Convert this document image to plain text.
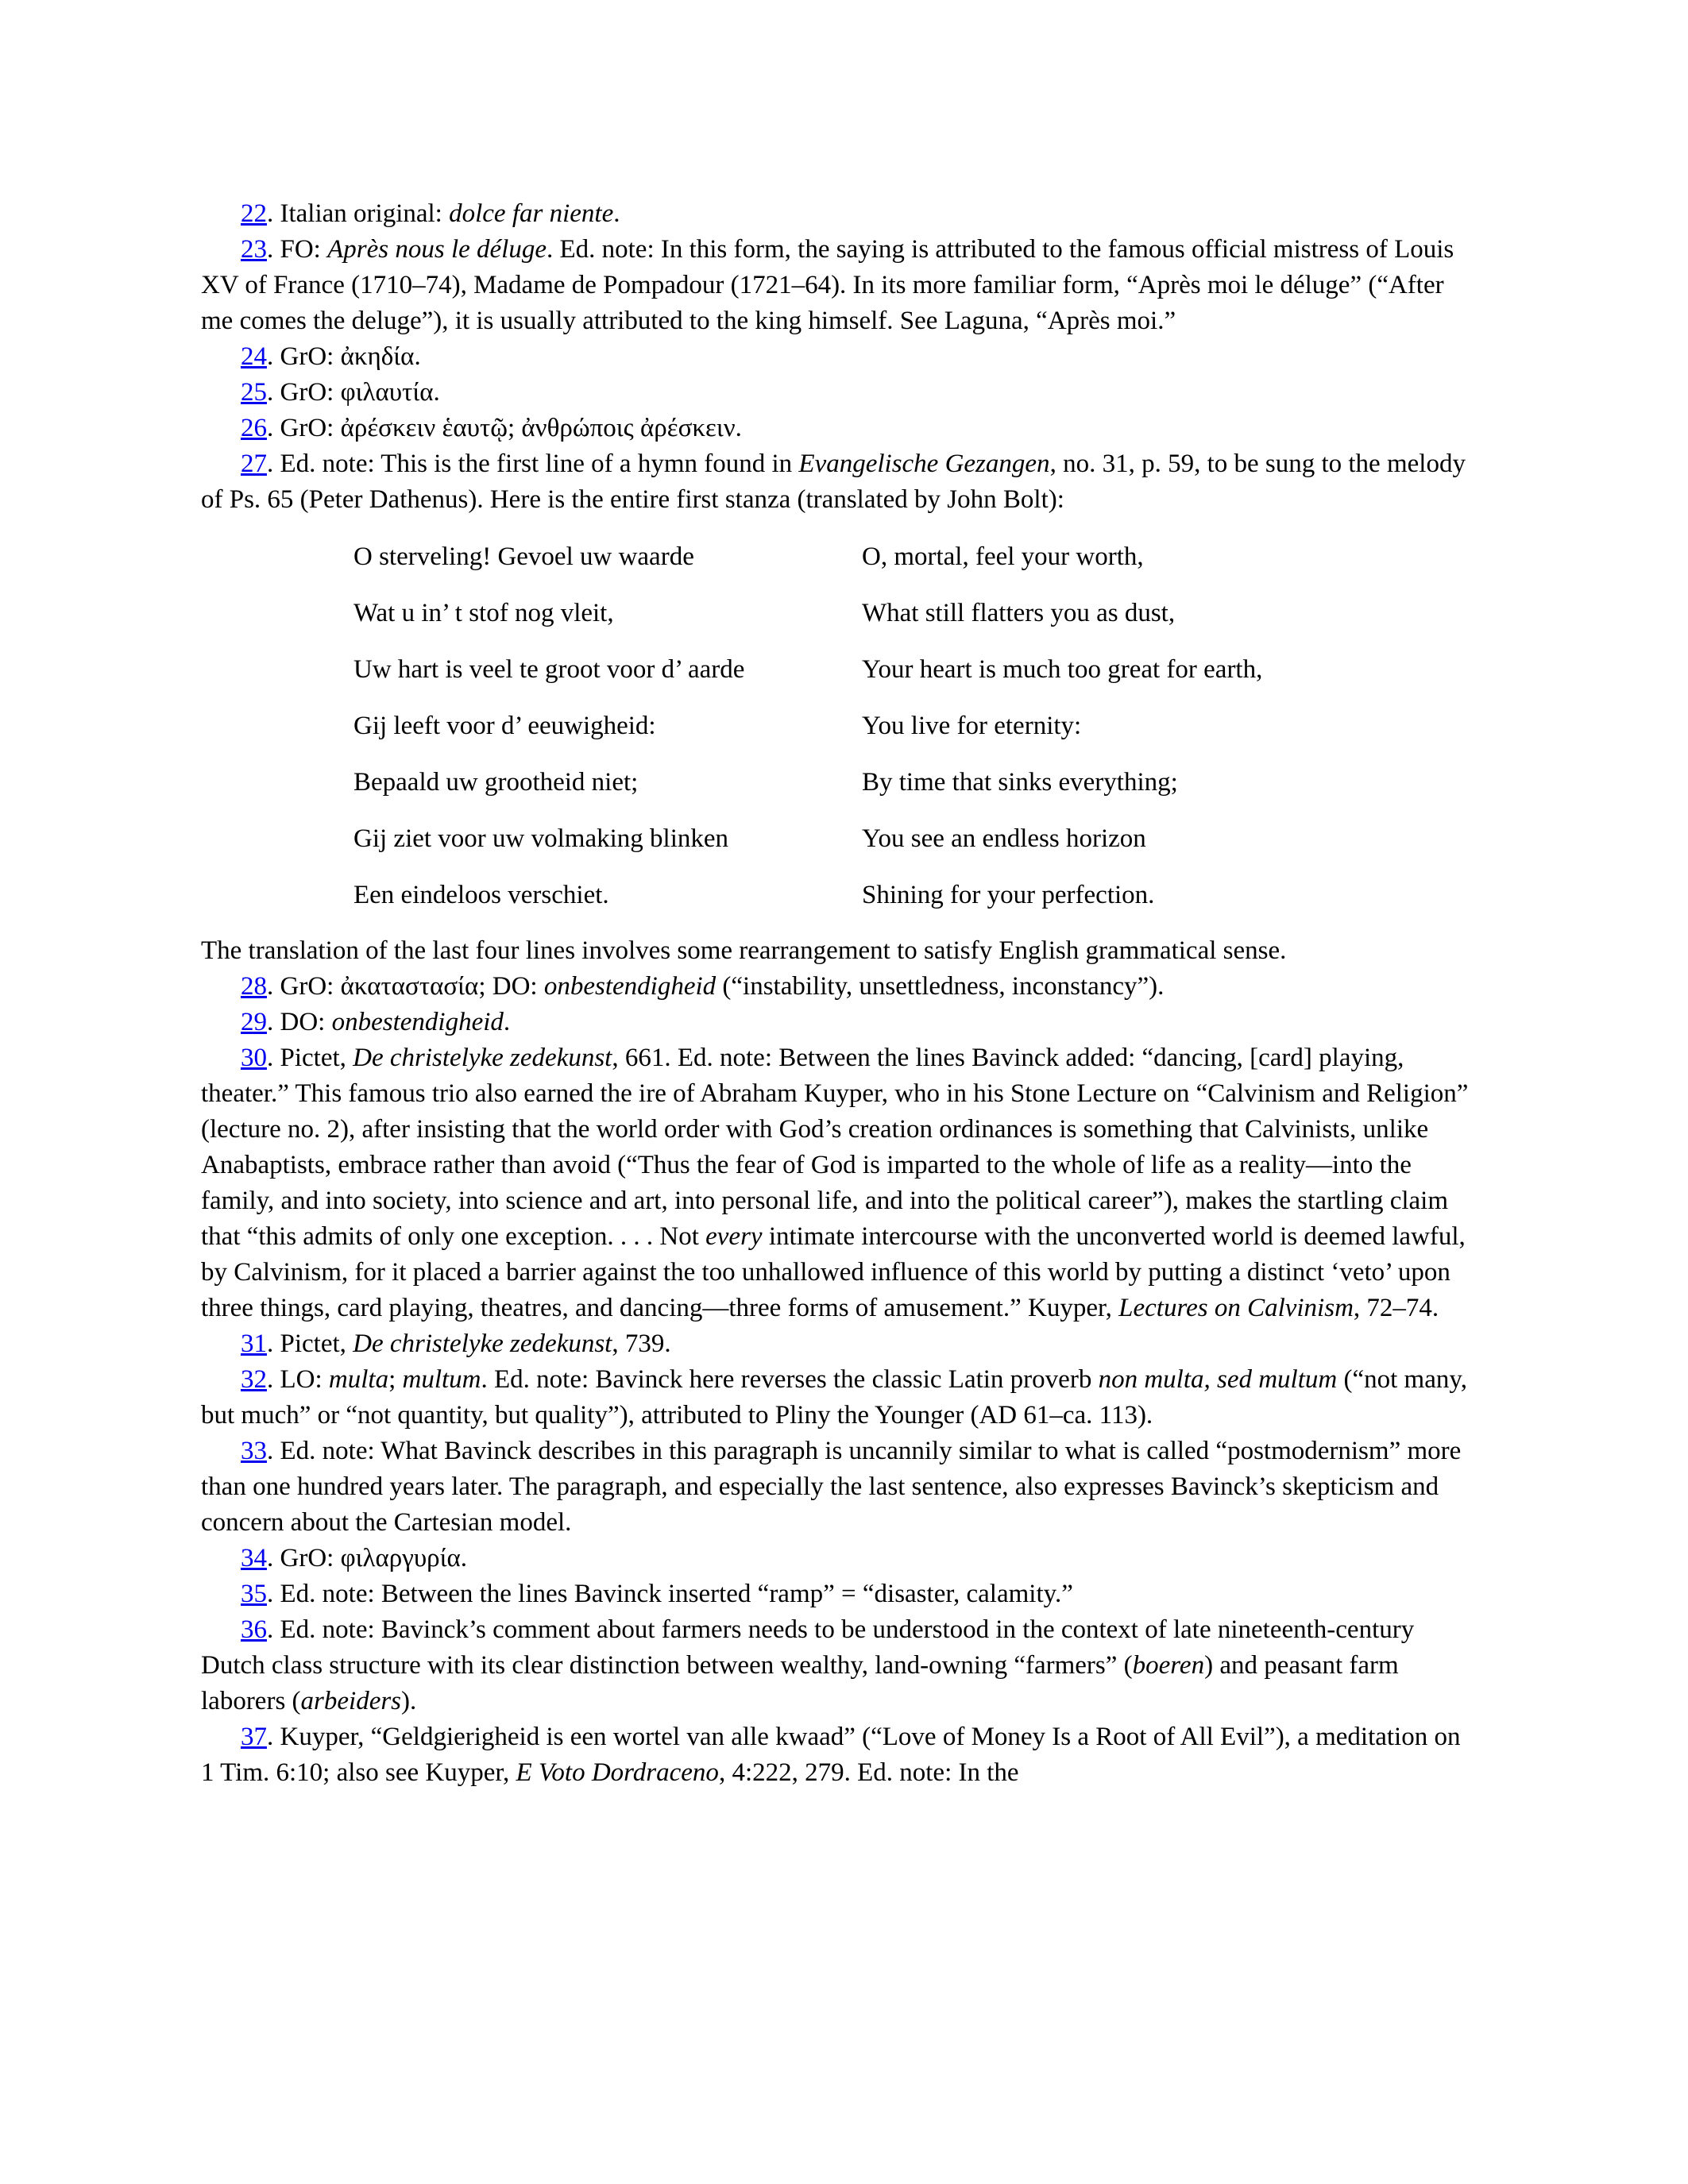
22. Italian original: dolce far niente.

23. FO: Après nous le déluge. Ed. note: In this form, the saying is attributed to the famous official mistress of Louis XV of France (1710–74), Madame de Pompadour (1721–64). In its more familiar form, “Après moi le déluge” (“After me comes the deluge”), it is usually attributed to the king himself. See Laguna, “Après moi.”

24. GrO: ἀκηδία.

25. GrO: φιλαυτία.

26. GrO: ἀρέσκειν ἑαυτῷ; ἀνθρώποις ἀρέσκειν.

27. Ed. note: This is the first line of a hymn found in Evangelische Gezangen, no. 31, p. 59, to be sung to the melody of Ps. 65 (Peter Dathenus). Here is the entire first stanza (translated by John Bolt):

O sterveling! Gevoel uw waarde	O, mortal, feel your worth,
Wat u in’ t stof nog vleit,	What still flatters you as dust,
Uw hart is veel te groot voor d’ aarde	Your heart is much too great for earth,
Gij leeft voor d’ eeuwigheid:	You live for eternity:
Bepaald uw grootheid niet;	By time that sinks everything;
Gij ziet voor uw volmaking blinken	You see an endless horizon
Een eindeloos verschiet.	Shining for your perfection.

The translation of the last four lines involves some rearrangement to satisfy English grammatical sense.

28. GrO: ἀκαταστασία; DO: onbestendigheid (“instability, unsettledness, inconstancy”).

29. DO: onbestendigheid.

30. Pictet, De christelyke zedekunst, 661. Ed. note: Between the lines Bavinck added: “dancing, [card] playing, theater.” This famous trio also earned the ire of Abraham Kuyper, who in his Stone Lecture on “Calvinism and Religion” (lecture no. 2), after insisting that the world order with God’s creation ordinances is something that Calvinists, unlike Anabaptists, embrace rather than avoid (“Thus the fear of God is imparted to the whole of life as a reality—into the family, and into society, into science and art, into personal life, and into the political career”), makes the startling claim that “this admits of only one exception. . . . Not every intimate intercourse with the unconverted world is deemed lawful, by Calvinism, for it placed a barrier against the too unhallowed influence of this world by putting a distinct ‘veto’ upon three things, card playing, theatres, and dancing—three forms of amusement.” Kuyper, Lectures on Calvinism, 72–74.

31. Pictet, De christelyke zedekunst, 739.

32. LO: multa; multum. Ed. note: Bavinck here reverses the classic Latin proverb non multa, sed multum (“not many, but much” or “not quantity, but quality”), attributed to Pliny the Younger (AD 61–ca. 113).

33. Ed. note: What Bavinck describes in this paragraph is uncannily similar to what is called “postmodernism” more than one hundred years later. The paragraph, and especially the last sentence, also expresses Bavinck’s skepticism and concern about the Cartesian model.

34. GrO: φιλαργυρία.

35. Ed. note: Between the lines Bavinck inserted “ramp” = “disaster, calamity.”

36. Ed. note: Bavinck’s comment about farmers needs to be understood in the context of late nineteenth-century Dutch class structure with its clear distinction between wealthy, land-owning “farmers” (boeren) and peasant farm laborers (arbeiders).

37. Kuyper, “Geldgierigheid is een wortel van alle kwaad” (“Love of Money Is a Root of All Evil”), a meditation on 1 Tim. 6:10; also see Kuyper, E Voto Dordraceno, 4:222, 279. Ed. note: In the
